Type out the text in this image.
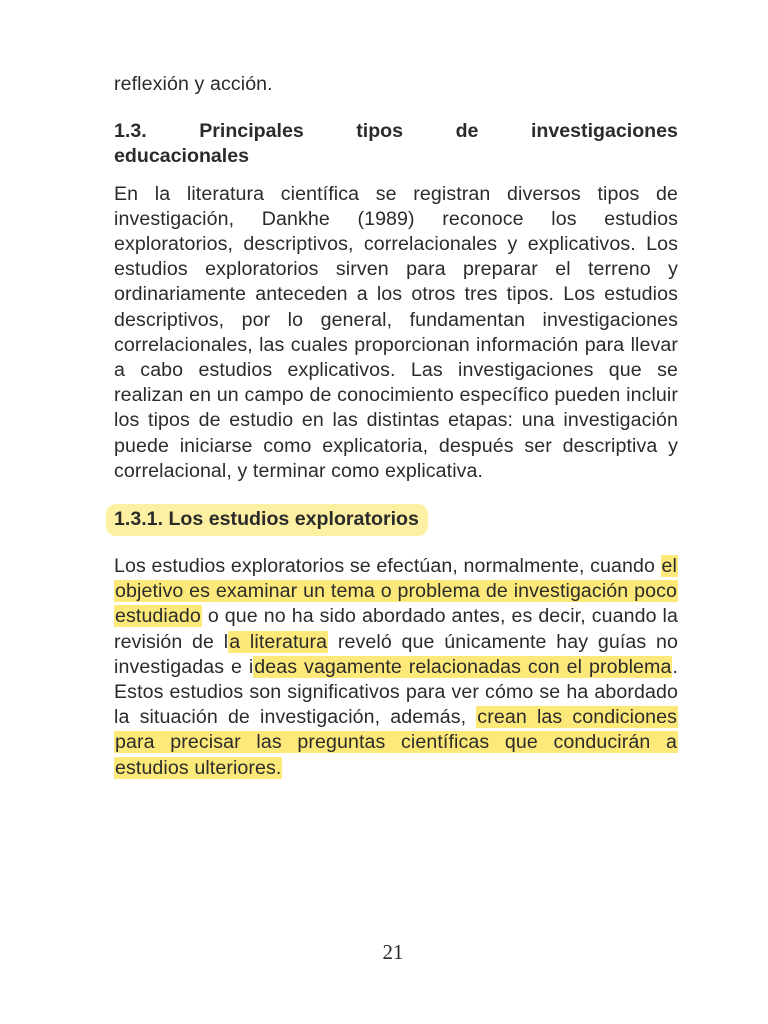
reflexión y acción.

1.3.	Principales	tipos	de	investigaciones
educacionales

En la literatura científica se registran diversos tipos de investigación, Dankhe (1989) reconoce los estudios exploratorios, descriptivos, correlacionales y explicativos. Los estudios exploratorios sirven para preparar el terreno y ordinariamente anteceden a los otros tres tipos. Los estudios descriptivos, por lo general, fundamentan investigaciones correlacionales, las cuales proporcionan información para llevar a cabo estudios explicativos. Las investigaciones que se realizan en un campo de conocimiento específico pueden incluir los tipos de estudio en las distintas etapas: una investigación puede iniciarse como explicatoria, después ser descriptiva y correlacional, y terminar como explicativa.

1.3.1. Los estudios exploratorios

Los estudios exploratorios se efectúan, normalmente, cuando el objetivo es examinar un tema o problema de investigación poco estudiado o que no ha sido abordado antes, es decir, cuando la revisión de la literatura reveló que únicamente hay guías no investigadas e ideas vagamente relacionadas con el problema. Estos estudios son significativos para ver cómo se ha abordado la situación de investigación, además, crean las condiciones para precisar las preguntas científicas que conducirán a estudios ulteriores.

21
